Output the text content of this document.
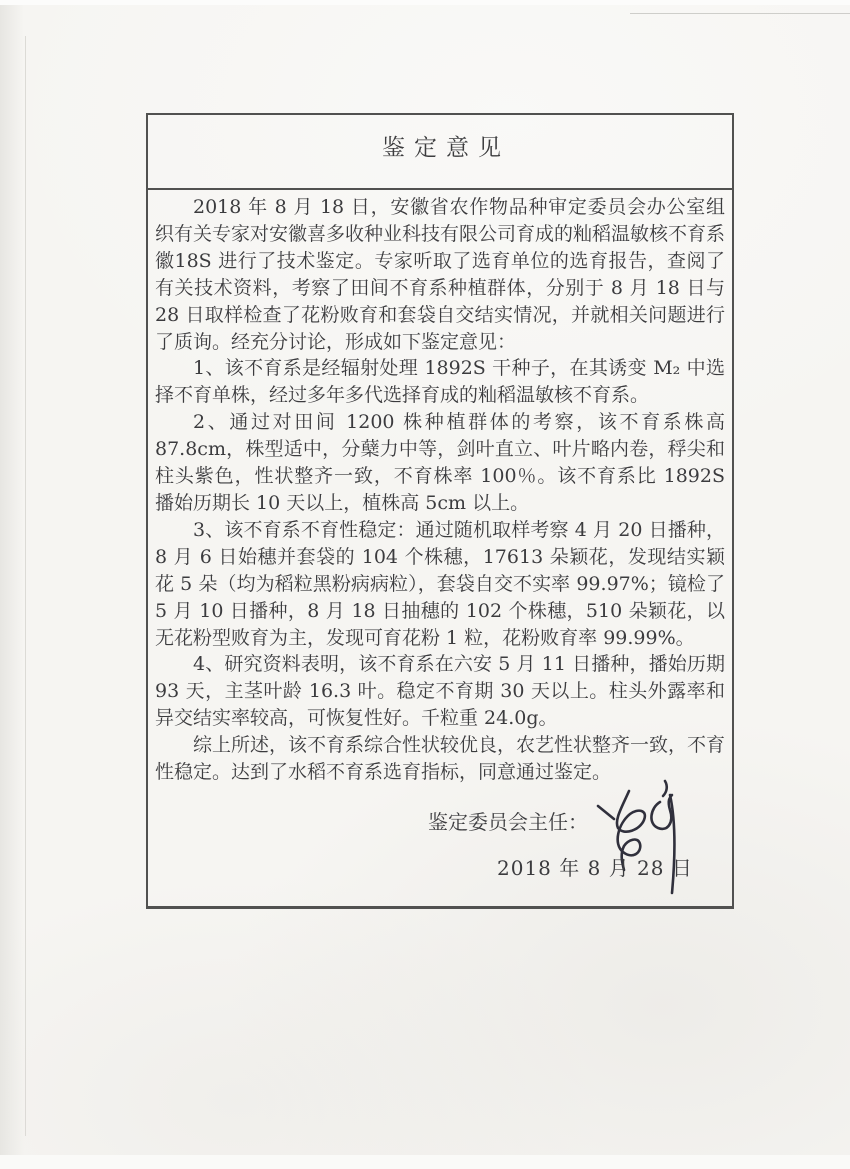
鉴定意见

2018 年 8 月 18 日，安徽省农作物品种审定委员会办公室组织有关专家对安徽喜多收种业科技有限公司育成的籼稻温敏核不育系徽18S 进行了技术鉴定。专家听取了选育单位的选育报告，查阅了有关技术资料，考察了田间不育系种植群体，分别于 8 月 18 日与 28 日取样检查了花粉败育和套袋自交结实情况，并就相关问题进行了质询。经充分讨论，形成如下鉴定意见：

1、该不育系是经辐射处理 1892S 干种子，在其诱变 M₂ 中选择不育单株，经过多年多代选择育成的籼稻温敏核不育系。

2、通过对田间 1200 株种植群体的考察，该不育系株高 87.8cm，株型适中，分蘖力中等，剑叶直立、叶片略内卷，稃尖和柱头紫色，性状整齐一致，不育株率 100％。该不育系比 1892S 播始历期长 10 天以上，植株高 5cm 以上。

3、该不育系不育性稳定：通过随机取样考察 4 月 20 日播种，8 月 6 日始穗并套袋的 104 个株穗，17613 朵颖花，发现结实颖花 5 朵（均为稻粒黑粉病病粒），套袋自交不实率 99.97%；镜检了 5 月 10 日播种，8 月 18 日抽穗的 102 个株穗，510 朵颖花，以无花粉型败育为主，发现可育花粉 1 粒，花粉败育率 99.99%。

4、研究资料表明，该不育系在六安 5 月 11 日播种，播始历期 93 天，主茎叶龄 16.3 叶。稳定不育期 30 天以上。柱头外露率和异交结实率较高，可恢复性好。千粒重 24.0g。

综上所述，该不育系综合性状较优良，农艺性状整齐一致，不育性稳定。达到了水稻不育系选育指标，同意通过鉴定。

鉴定委员会主任：
2018 年 8 月 28 日
